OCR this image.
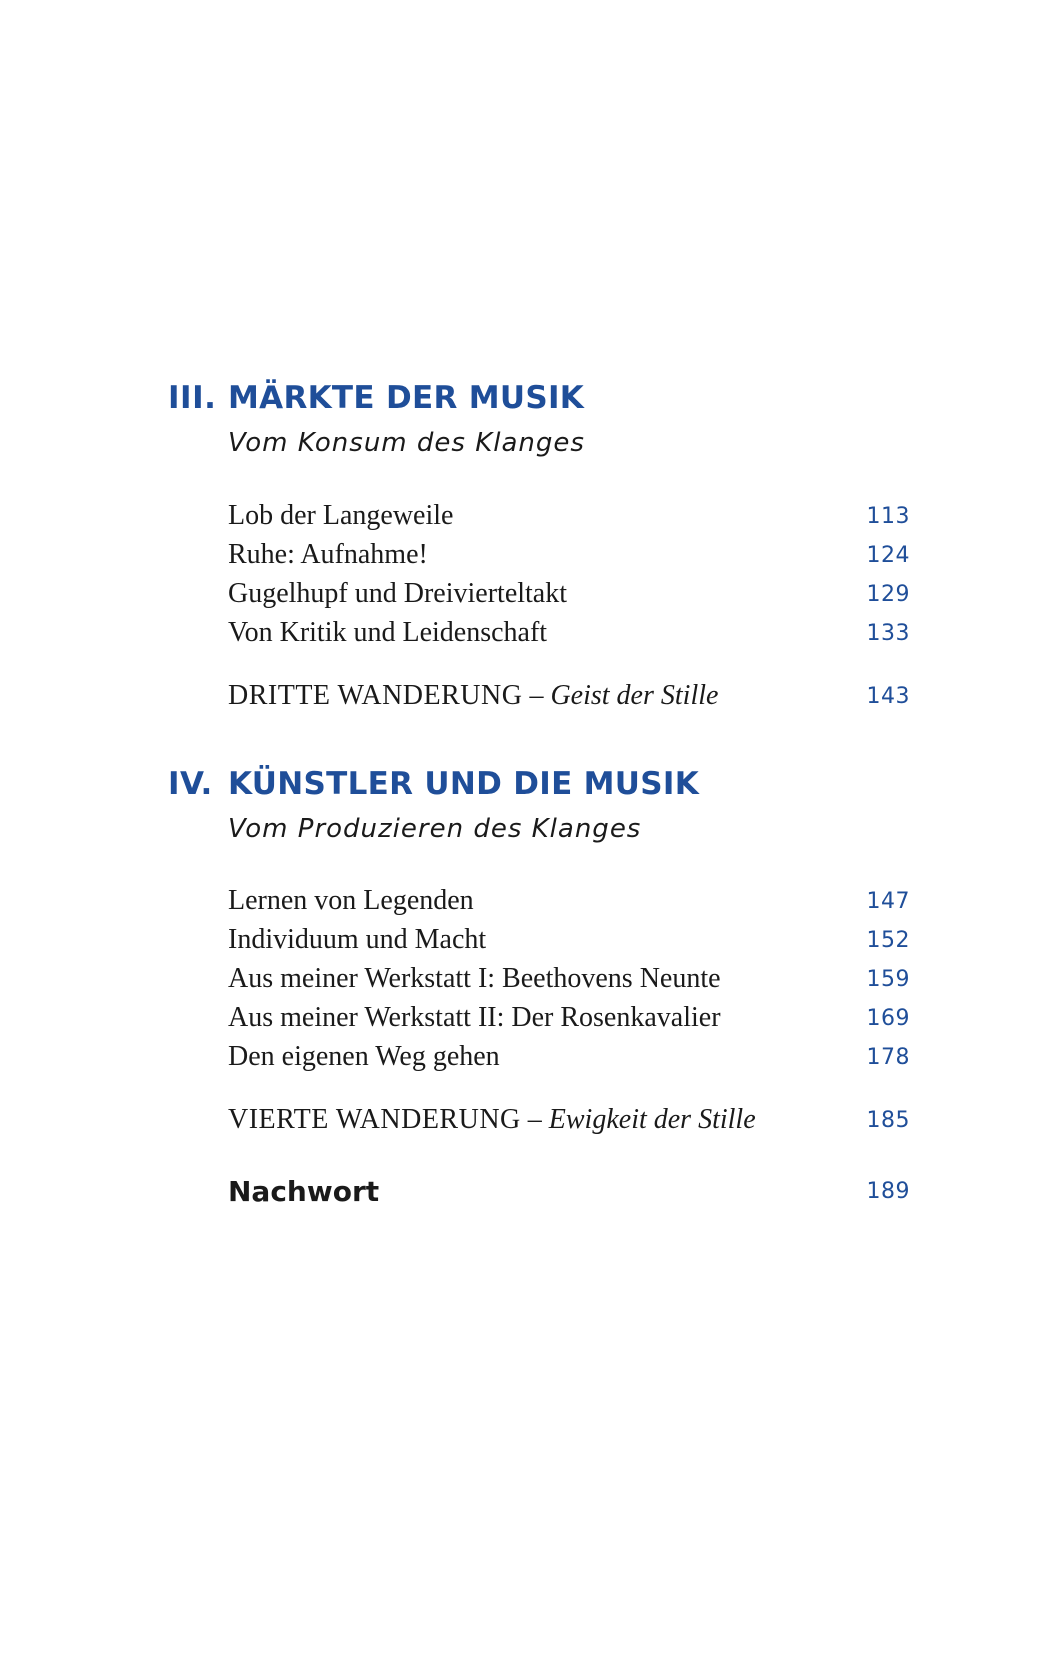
III. MÄRKTE DER MUSIK
Vom Konsum des Klanges
Lob der Langeweile	113
Ruhe: Aufnahme!	124
Gugelhupf und Dreivierteltakt	129
Von Kritik und Leidenschaft	133
DRITTE WANDERUNG – Geist der Stille	143
IV. KÜNSTLER UND DIE MUSIK
Vom Produzieren des Klanges
Lernen von Legenden	147
Individuum und Macht	152
Aus meiner Werkstatt I: Beethovens Neunte	159
Aus meiner Werkstatt II: Der Rosenkavalier	169
Den eigenen Weg gehen	178
VIERTE WANDERUNG – Ewigkeit der Stille	185
Nachwort	189
